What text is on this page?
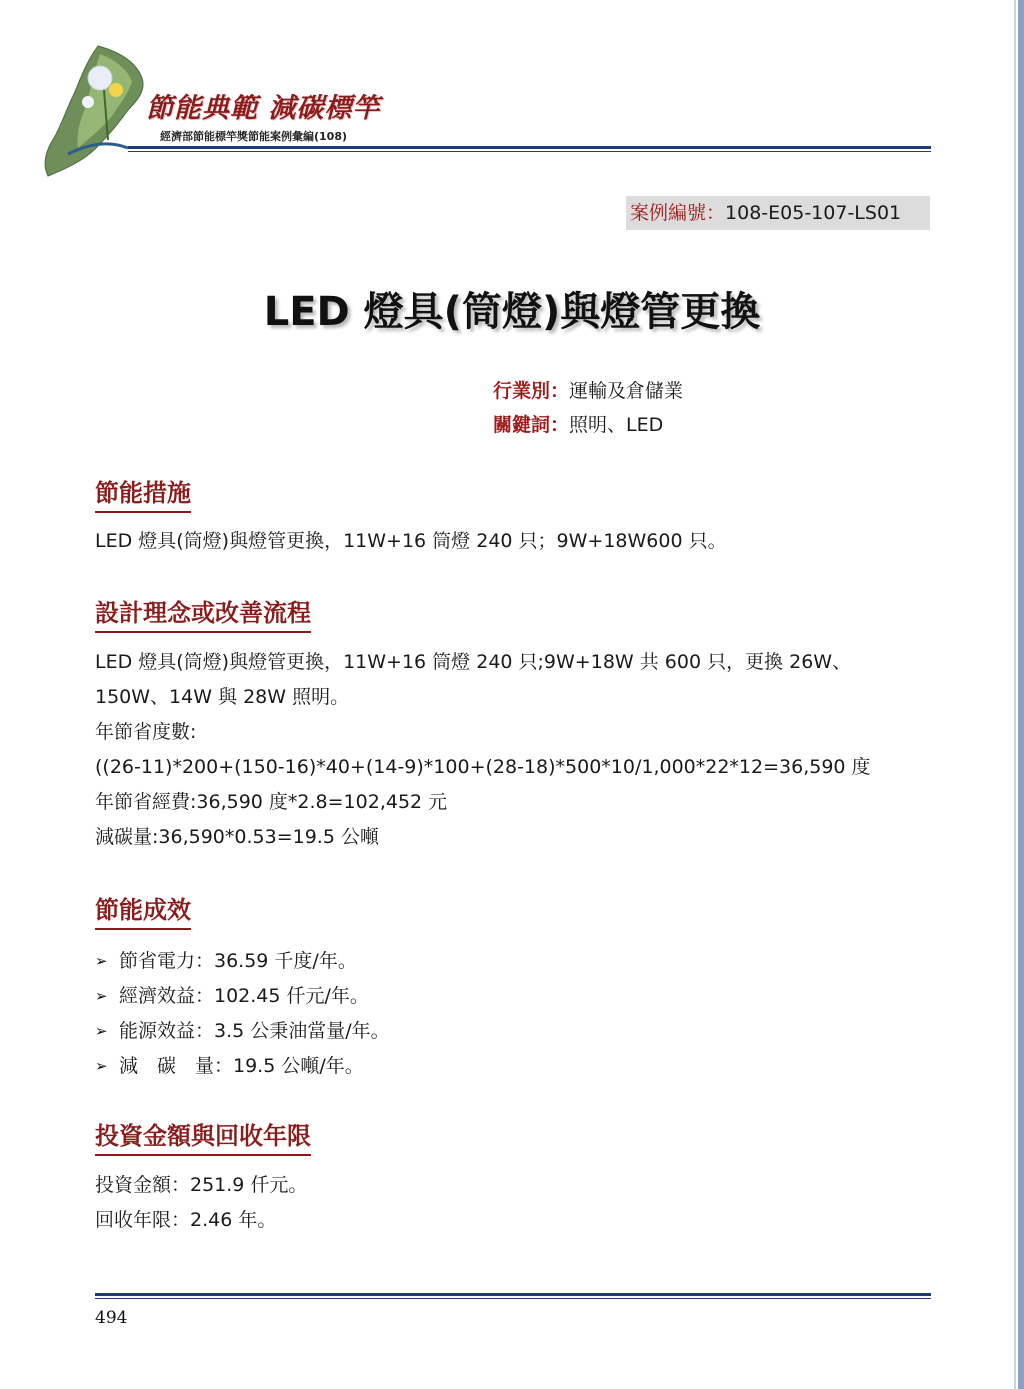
節能典範 減碳標竿
經濟部節能標竿獎節能案例彙編(108)
案例編號：108-E05-107-LS01
LED 燈具(筒燈)與燈管更換
行業別：運輸及倉儲業
關鍵詞：照明、LED
節能措施
LED 燈具(筒燈)與燈管更換，11W+16 筒燈 240 只；9W+18W600 只。
設計理念或改善流程
LED 燈具(筒燈)與燈管更換，11W+16 筒燈 240 只;9W+18W 共 600 只，更換 26W、
150W、14W 與 28W 照明。
年節省度數:
((26-11)*200+(150-16)*40+(14-9)*100+(28-18)*500*10/1,000*22*12=36,590 度
年節省經費:36,590 度*2.8=102,452 元
減碳量:36,590*0.53=19.5 公噸
節能成效
➢ 節省電力：36.59 千度/年。
➢ 經濟效益：102.45 仟元/年。
➢ 能源效益：3.5 公秉油當量/年。
➢ 減　碳　量：19.5 公噸/年。
投資金額與回收年限
投資金額：251.9 仟元。
回收年限：2.46 年。
494
